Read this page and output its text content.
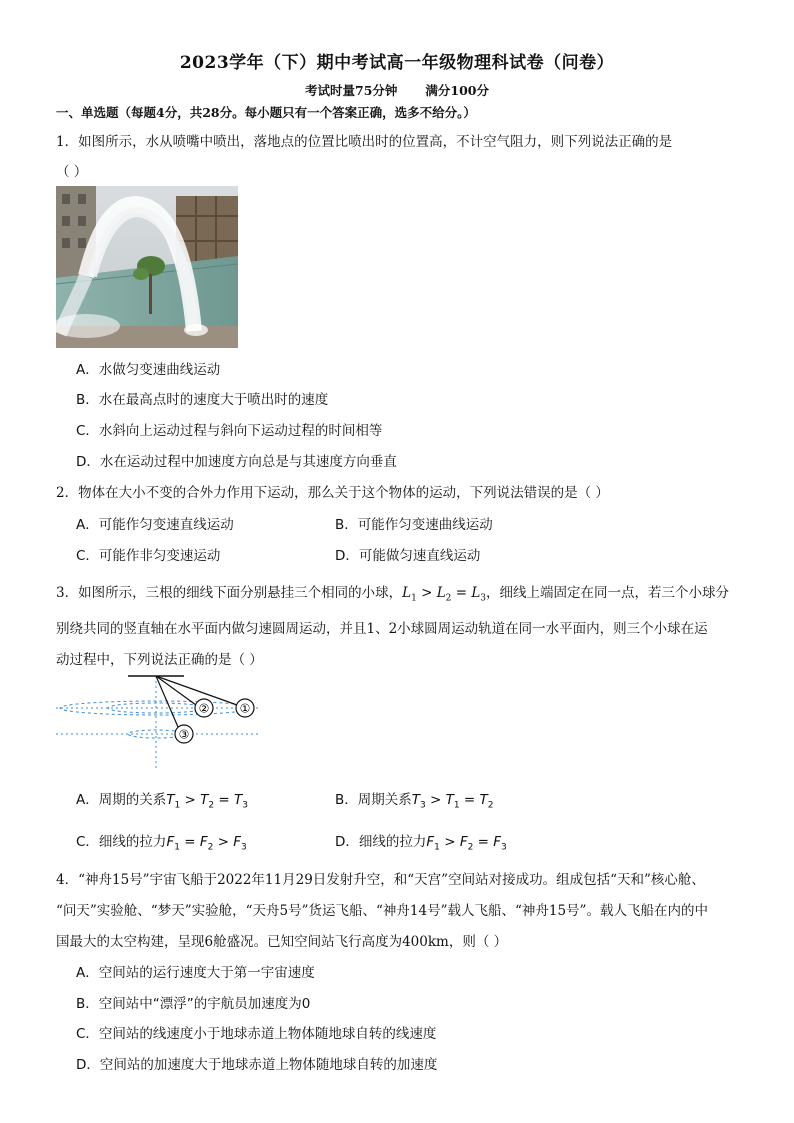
2023学年（下）期中考试高一年级物理科试卷（问卷）
考试时量75分钟 满分100分
一、单选题（每题4分，共28分。每小题只有一个答案正确，选多不给分。）
1．如图所示，水从喷嘴中喷出，落地点的位置比喷出时的位置高，不计空气阻力，则下列说法正确的是
（ ）
A．水做匀变速曲线运动
B．水在最高点时的速度大于喷出时的速度
C．水斜向上运动过程与斜向下运动过程的时间相等
D．水在运动过程中加速度方向总是与其速度方向垂直
2．物体在大小不变的合外力作用下运动，那么关于这个物体的运动，下列说法错误的是（ ）
A．可能作匀变速直线运动	B．可能作匀变速曲线运动
C．可能作非匀变速运动	D．可能做匀速直线运动
3．如图所示，三根的细线下面分别悬挂三个相同的小球，$L_1 > L_2 = L_3$，细线上端固定在同一点，若三个小球分
别绕共同的竖直轴在水平面内做匀速圆周运动，并且1、2小球圆周运动轨道在同一水平面内，则三个小球在运
动过程中，下列说法正确的是（ ）
①
②
③
A．周期的关系$T_1 > T_2 = T_3$	B．周期关系$T_3 > T_1 = T_2$
C．细线的拉力$F_1 = F_2 > F_3$	D．细线的拉力$F_1 > F_2 = F_3$
4．“神舟15号”宇宙飞船于2022年11月29日发射升空，和“天宫”空间站对接成功。组成包括“天和”核心舱、
“问天”实验舱、“梦天”实验舱，“天舟5号”货运飞船、“神舟14号”载人飞船、“神舟15号”。载人飞船在内的中
国最大的太空构建，呈现6舱盛况。已知空间站飞行高度为400km，则（ ）
A．空间站的运行速度大于第一宇宙速度
B．空间站中“漂浮”的宇航员加速度为0
C．空间站的线速度小于地球赤道上物体随地球自转的线速度
D．空间站的加速度大于地球赤道上物体随地球自转的加速度
